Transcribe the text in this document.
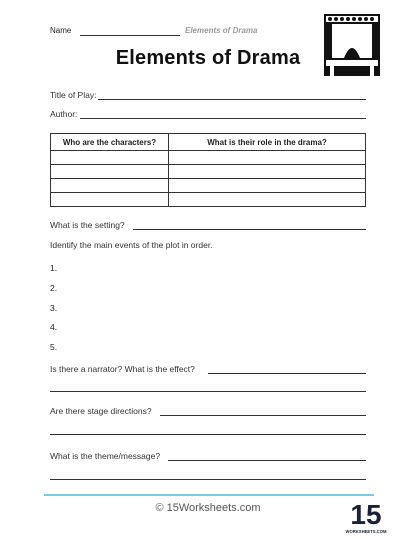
Name	Elements of Drama
Elements of Drama
Title of Play:
Author:
Who are the characters?	What is their role in the drama?

What is the setting?
Identify the main events of the plot in order.
1.
2.
3.
4.
5.
Is there a narrator? What is the effect?
Are there stage directions?
What is the theme/message?
© 15Worksheets.com	15
WORKSHEETS.COM
